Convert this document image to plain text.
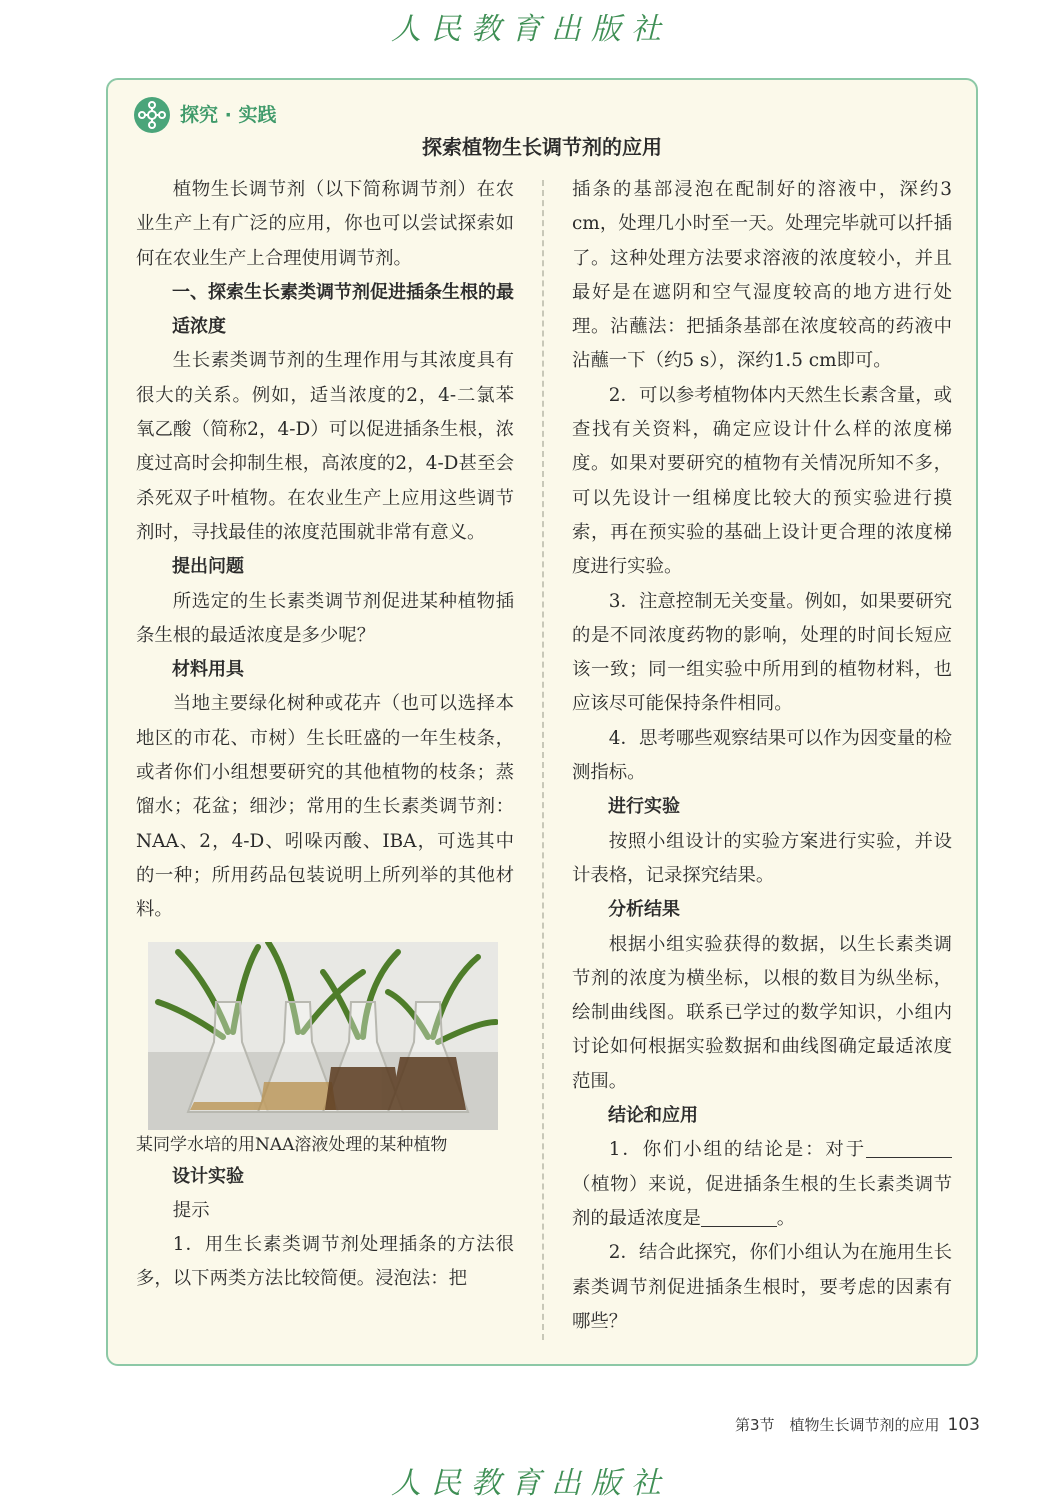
人民教育出版社
探究 · 实践
探索植物生长调节剂的应用

植物生长调节剂（以下简称调节剂）在农业生产上有广泛的应用，你也可以尝试探索如何在农业生产上合理使用调节剂。

一、探索生长素类调节剂促进插条生根的最适浓度

生长素类调节剂的生理作用与其浓度具有很大的关系。例如，适当浓度的2，4-二氯苯氧乙酸（简称2，4-D）可以促进插条生根，浓度过高时会抑制生根，高浓度的2，4-D甚至会杀死双子叶植物。在农业生产上应用这些调节剂时，寻找最佳的浓度范围就非常有意义。

提出问题

所选定的生长素类调节剂促进某种植物插条生根的最适浓度是多少呢？

材料用具

当地主要绿化树种或花卉（也可以选择本地区的市花、市树）生长旺盛的一年生枝条，或者你们小组想要研究的其他植物的枝条；蒸馏水；花盆；细沙；常用的生长素类调节剂：NAA、2，4-D、吲哚丙酸、IBA，可选其中的一种；所用药品包装说明上所列举的其他材料。

某同学水培的用NAA溶液处理的某种植物

设计实验

提示

1．用生长素类调节剂处理插条的方法很多，以下两类方法比较简便。浸泡法：把

插条的基部浸泡在配制好的溶液中，深约3 cm，处理几小时至一天。处理完毕就可以扦插了。这种处理方法要求溶液的浓度较小，并且最好是在遮阴和空气湿度较高的地方进行处理。沾蘸法：把插条基部在浓度较高的药液中沾蘸一下（约5 s），深约1.5 cm即可。

2．可以参考植物体内天然生长素含量，或查找有关资料，确定应设计什么样的浓度梯度。如果对要研究的植物有关情况所知不多，可以先设计一组梯度比较大的预实验进行摸索，再在预实验的基础上设计更合理的浓度梯度进行实验。

3．注意控制无关变量。例如，如果要研究的是不同浓度药物的影响，处理的时间长短应该一致；同一组实验中所用到的植物材料，也应该尽可能保持条件相同。

4．思考哪些观察结果可以作为因变量的检测指标。

进行实验

按照小组设计的实验方案进行实验，并设计表格，记录探究结果。

分析结果

根据小组实验获得的数据，以生长素类调节剂的浓度为横坐标，以根的数目为纵坐标，绘制曲线图。联系已学过的数学知识，小组内讨论如何根据实验数据和曲线图确定最适浓度范围。

结论和应用

1．你们小组的结论是：对于（植物）来说，促进插条生根的生长素类调节剂的最适浓度是	。

2．结合此探究，你们小组认为在施用生长素类调节剂促进插条生根时，要考虑的因素有哪些？

第3节　植物生长调节剂的应用 103
人民教育出版社
